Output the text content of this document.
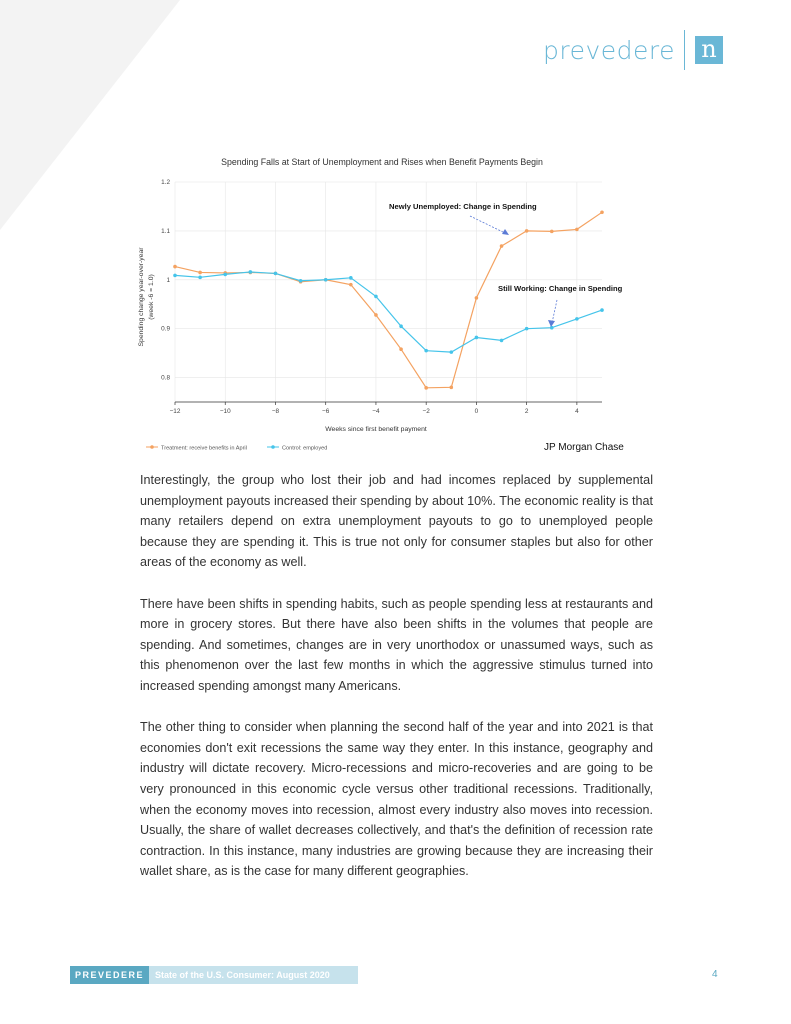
prevedere n
0.8
0.9
1
1.1
1.2
−12	−10	−8	−6	−4	−2	0	2	4
Spending Falls at Start of Unemployment and Rises when Benefit Payments Begin
Weeks since first benefit payment
Spending change year-over-year (week -6 = 1.0)
Newly Unemployed: Change in Spending
Still Working: Change in Spending
Treatment: receive benefits in April	Control: employed	JP Morgan Chase

Interestingly, the group who lost their job and had incomes replaced by supplemental unemployment payouts increased their spending by about 10%. The economic reality is that many retailers depend on extra unemployment payouts to go to unemployed people because they are spending it. This is true not only for consumer staples but also for other areas of the economy as well.

There have been shifts in spending habits, such as people spending less at restaurants and more in grocery stores. But there have also been shifts in the volumes that people are spending. And sometimes, changes are in very unorthodox or unassumed ways, such as this phenomenon over the last few months in which the aggressive stimulus turned into increased spending amongst many Americans.

The other thing to consider when planning the second half of the year and into 2021 is that economies don't exit recessions the same way they enter. In this instance, geography and industry will dictate recovery. Micro-recessions and micro-recoveries and are going to be very pronounced in this economic cycle versus other traditional recessions. Traditionally, when the economy moves into recession, almost every industry also moves into recession. Usually, the share of wallet decreases collectively, and that's the definition of recession rate contraction. In this instance, many industries are growing because they are increasing their wallet share, as is the case for many different geographies.

PREVEDERE	State of the U.S. Consumer: August 2020	4
